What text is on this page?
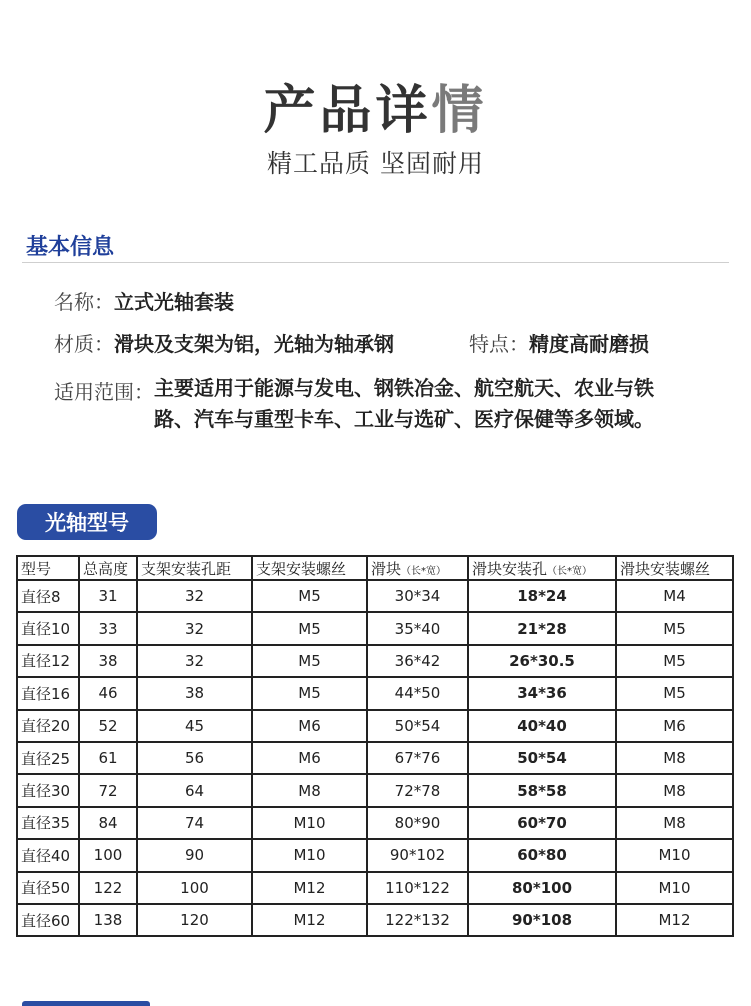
产品详情
精工品质 坚固耐用
基本信息
名称：立式光轴套装
材质：滑块及支架为铝，光轴为轴承钢	特点：精度高耐磨损
适用范围：主要适用于能源与发电、钢铁冶金、航空航天、农业与铁
路、汽车与重型卡车、工业与选矿、医疗保健等多领域。
光轴型号
型号	总高度	支架安装孔距	支架安装螺丝	滑块（长*宽）	滑块安装孔（长*宽）	滑块安装螺丝
直径8	31	32	M5	30*34	18*24	M4
直径10	33	32	M5	35*40	21*28	M5
直径12	38	32	M5	36*42	26*30.5	M5
直径16	46	38	M5	44*50	34*36	M5
直径20	52	45	M6	50*54	40*40	M6
直径25	61	56	M6	67*76	50*54	M8
直径30	72	64	M8	72*78	58*58	M8
直径35	84	74	M10	80*90	60*70	M8
直径40	100	90	M10	90*102	60*80	M10
直径50	122	100	M12	110*122	80*100	M10
直径60	138	120	M12	122*132	90*108	M12
